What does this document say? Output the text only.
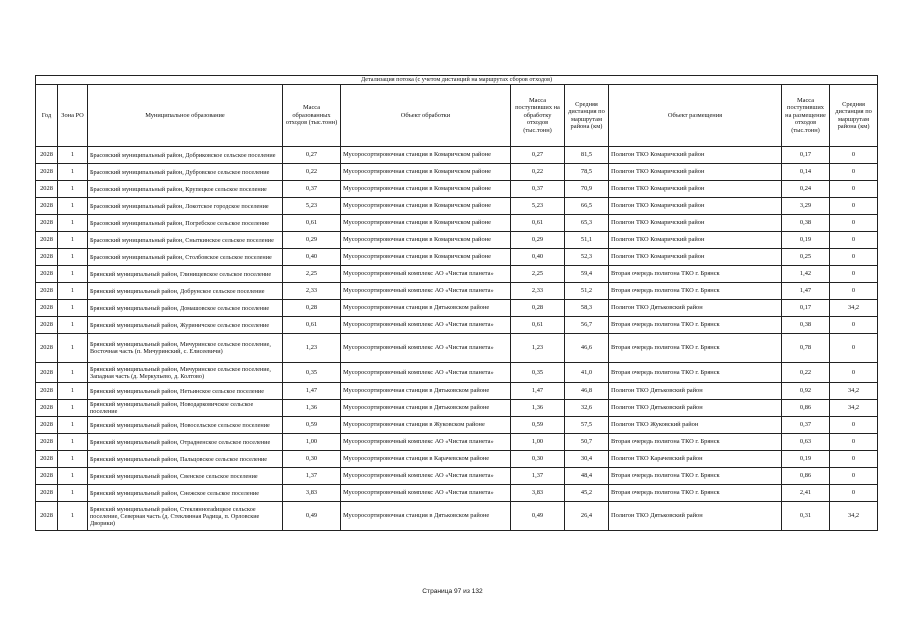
Детализация потока (с учетом дистанций на маршрутах сборов отходов)									
Год	Зона РО	Муниципальное образование	Масса образованных отходов (тыс.тонн)	Объект обработки	Масса поступивших на обработку отходов (тыс.тонн)	Средняя дистанция по маршрутам района (км)	Объект размещения	Масса поступивших на размещение отходов (тыс.тонн)	Средняя дистанция по маршрутам района (км)
2028	1	Брасовский муниципальный район, Добриковское сельское поселение	0,27	Мусоросортировочная станция в Комаричском районе	0,27	81,5	Полигон ТКО Комаричский район	0,17	0
2028	1	Брасовский муниципальный район, Дубровское сельское поселение	0,22	Мусоросортировочная станция в Комаричском районе	0,22	78,5	Полигон ТКО Комаричский район	0,14	0
2028	1	Брасовский муниципальный район, Крупецкое сельское поселение	0,37	Мусоросортировочная станция в Комаричском районе	0,37	70,9	Полигон ТКО Комаричский район	0,24	0
2028	1	Брасовский муниципальный район, Локотское городское поселение	5,23	Мусоросортировочная станция в Комаричском районе	5,23	66,5	Полигон ТКО Комаричский район	3,29	0
2028	1	Брасовский муниципальный район, Погребское сельское поселение	0,61	Мусоросортировочная станция в Комаричском районе	0,61	65,3	Полигон ТКО Комаричский район	0,38	0
2028	1	Брасовский муниципальный район, Сныткинское сельское поселение	0,29	Мусоросортировочная станция в Комаричском районе	0,29	51,1	Полигон ТКО Комаричский район	0,19	0
2028	1	Брасовский муниципальный район, Столбовское сельское поселение	0,40	Мусоросортировочная станция в Комаричском районе	0,40	52,3	Полигон ТКО Комаричский район	0,25	0
2028	1	Брянский муниципальный район, Глинищевское сельское поселение	2,25	Мусоросортировочный комплекс АО «Чистая планета»	2,25	59,4	Вторая очередь полигона ТКО г. Брянск	1,42	0
2028	1	Брянский муниципальный район, Добрунское сельское поселение	2,33	Мусоросортировочный комплекс АО «Чистая планета»	2,33	51,2	Вторая очередь полигона ТКО г. Брянск	1,47	0
2028	1	Брянский муниципальный район, Домашовское сельское поселение	0,28	Мусоросортировочная станция в Дятьковском районе	0,28	58,3	Полигон ТКО Дятьковский район	0,17	34,2
2028	1	Брянский муниципальный район, Журиничское сельское поселение	0,61	Мусоросортировочный комплекс АО «Чистая планета»	0,61	56,7	Вторая очередь полигона ТКО г. Брянск	0,38	0
2028	1	Брянский муниципальный район, Мичуринское сельское поселение, Восточная часть (п. Мичуринский, с. Елисеевичи)	1,23	Мусоросортировочный комплекс АО «Чистая планета»	1,23	46,6	Вторая очередь полигона ТКО г. Брянск	0,78	0
2028	1	Брянский муниципальный район, Мичуринское сельское поселение, Западная часть (д. Меркульево, д. Колтово)	0,35	Мусоросортировочный комплекс АО «Чистая планета»	0,35	41,0	Вторая очередь полигона ТКО г. Брянск	0,22	0
2028	1	Брянский муниципальный район, Нетьинское сельское поселение	1,47	Мусоросортировочная станция в Дятьковском районе	1,47	46,8	Полигон ТКО Дятьковский район	0,92	34,2
2028	1	Брянский муниципальный район, Новодарковичское сельское поселение	1,36	Мусоросортировочная станция в Дятьковском районе	1,36	32,6	Полигон ТКО Дятьковский район	0,86	34,2
2028	1	Брянский муниципальный район, Новосельское сельское поселение	0,59	Мусоросортировочная станция в Жуковском районе	0,59	57,5	Полигон ТКО Жуковский район	0,37	0
2028	1	Брянский муниципальный район, Отрадненское сельское поселение	1,00	Мусоросортировочный комплекс АО «Чистая планета»	1,00	50,7	Вторая очередь полигона ТКО г. Брянск	0,63	0
2028	1	Брянский муниципальный район, Пальцовское сельское поселение	0,30	Мусоросортировочная станция в Карачевском районе	0,30	30,4	Полигон ТКО Карачевский район	0,19	0
2028	1	Брянский муниципальный район, Свенское сельское поселение	1,37	Мусоросортировочный комплекс АО «Чистая планета»	1,37	48,4	Вторая очередь полигона ТКО г. Брянск	0,86	0
2028	1	Брянский муниципальный район, Снежское сельское поселение	3,83	Мусоросортировочный комплекс АО «Чистая планета»	3,83	45,2	Вторая очередь полигона ТКО г. Брянск	2,41	0
2028	1	Брянский муниципальный район, Стеклянноradицкое сельское поселение, Северная часть (д. Стеклянная Радица, п. Орловские Дворики)	0,49	Мусоросортировочная станция в Дятьковском районе	0,49	26,4	Полигон ТКО Дятьковский район	0,31	34,2
Страница 97 из 132
